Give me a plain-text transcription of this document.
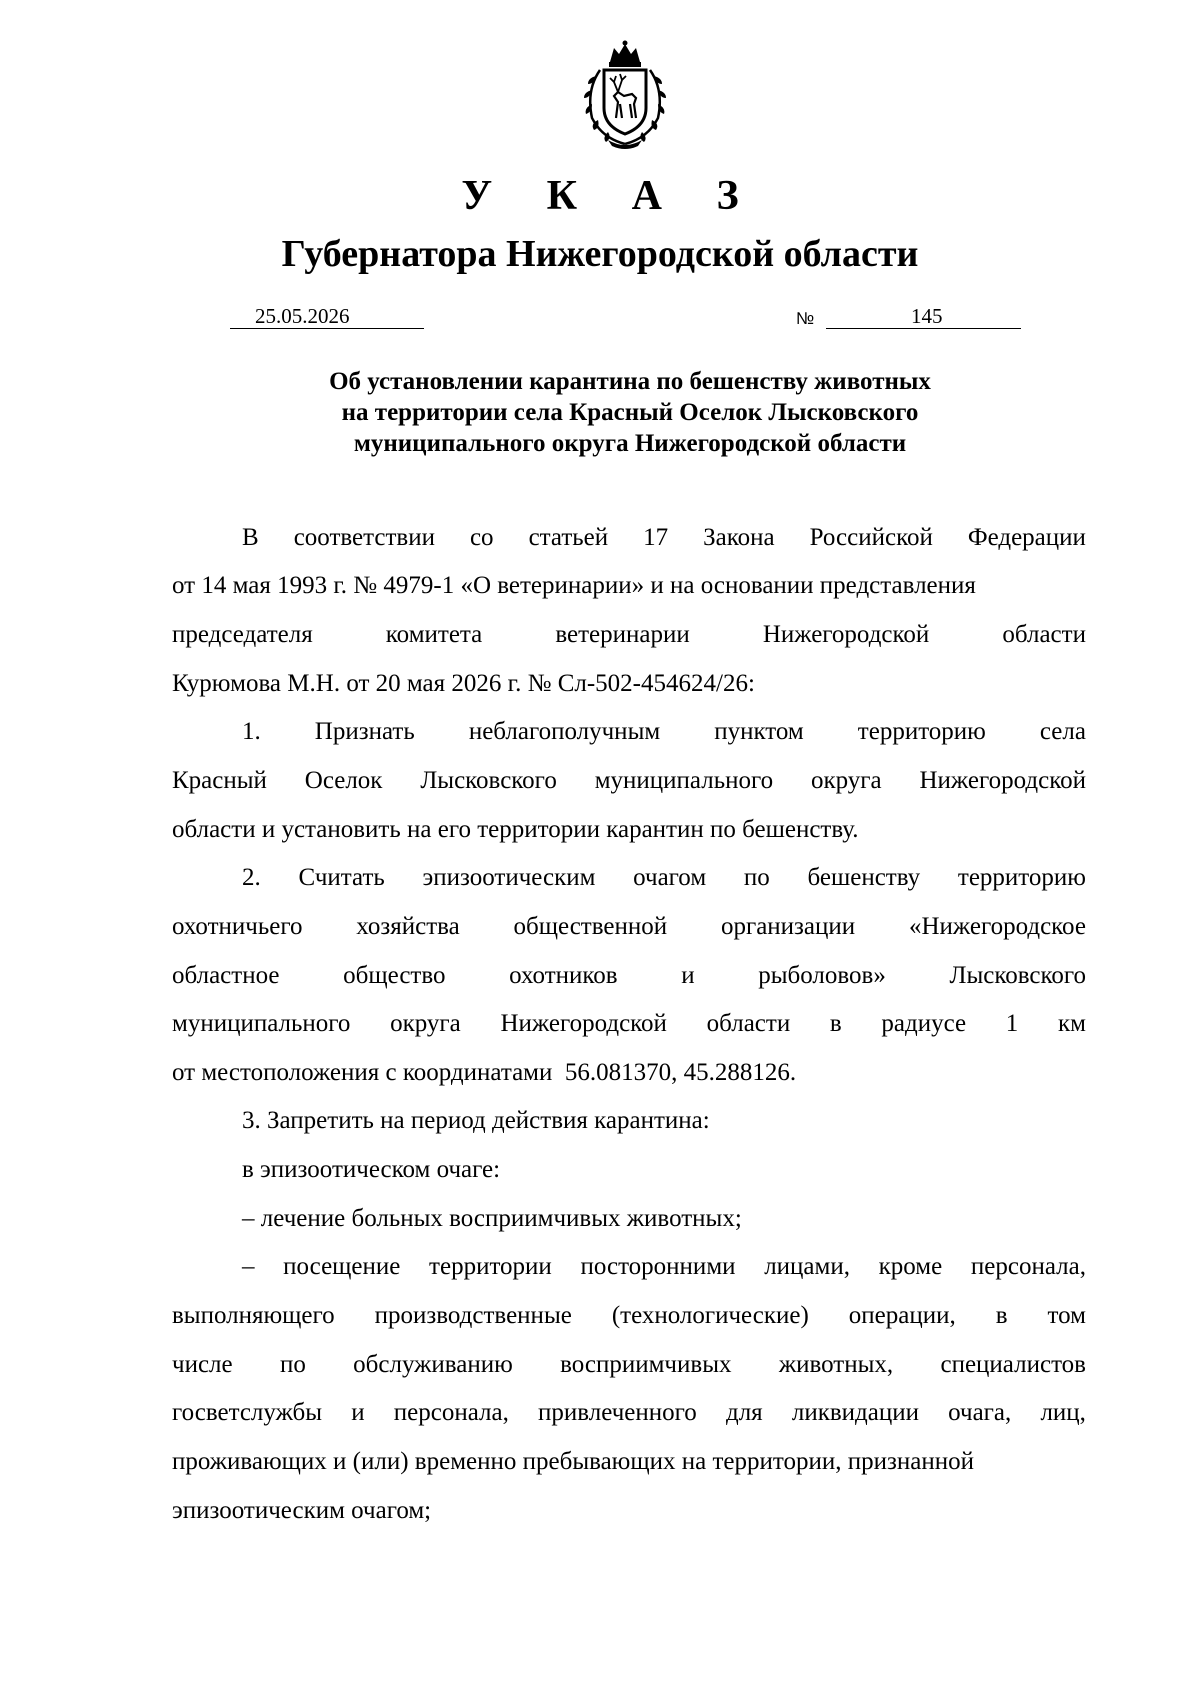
У К А З
Губернатора Нижегородской области
25.05.2026	№	145
Об установлении карантина по бешенству животных
на территории села Красный Оселок Лысковского
муниципального округа Нижегородской области
В соответствии со статьей 17 Закона Российской Федерации
от 14 мая 1993 г. № 4979-1 «О ветеринарии» и на основании представления
председателя	комитета	ветеринарии	Нижегородской	области
Курюмова М.Н. от 20 мая 2026 г. № Сл-502-454624/26:
1. Признать неблагополучным пунктом территорию села
Красный Оселок Лысковского муниципального округа Нижегородской
области и установить на его территории карантин по бешенству.
2. Считать эпизоотическим очагом по бешенству территорию
охотничьего хозяйства общественной организации «Нижегородское
областное	общество	охотников	и	рыболовов»	Лысковского
муниципального округа Нижегородской области в радиусе 1 км
от местоположения с координатами  56.081370, 45.288126.
3. Запретить на период действия карантина:
в эпизоотическом очаге:
– лечение больных восприимчивых животных;
– посещение территории посторонними лицами, кроме персонала,
выполняющего производственные (технологические) операции, в том
числе по обслуживанию восприимчивых животных, специалистов
госветслужбы и персонала, привлеченного для ликвидации очага, лиц,
проживающих и (или) временно пребывающих на территории, признанной
эпизоотическим очагом;
